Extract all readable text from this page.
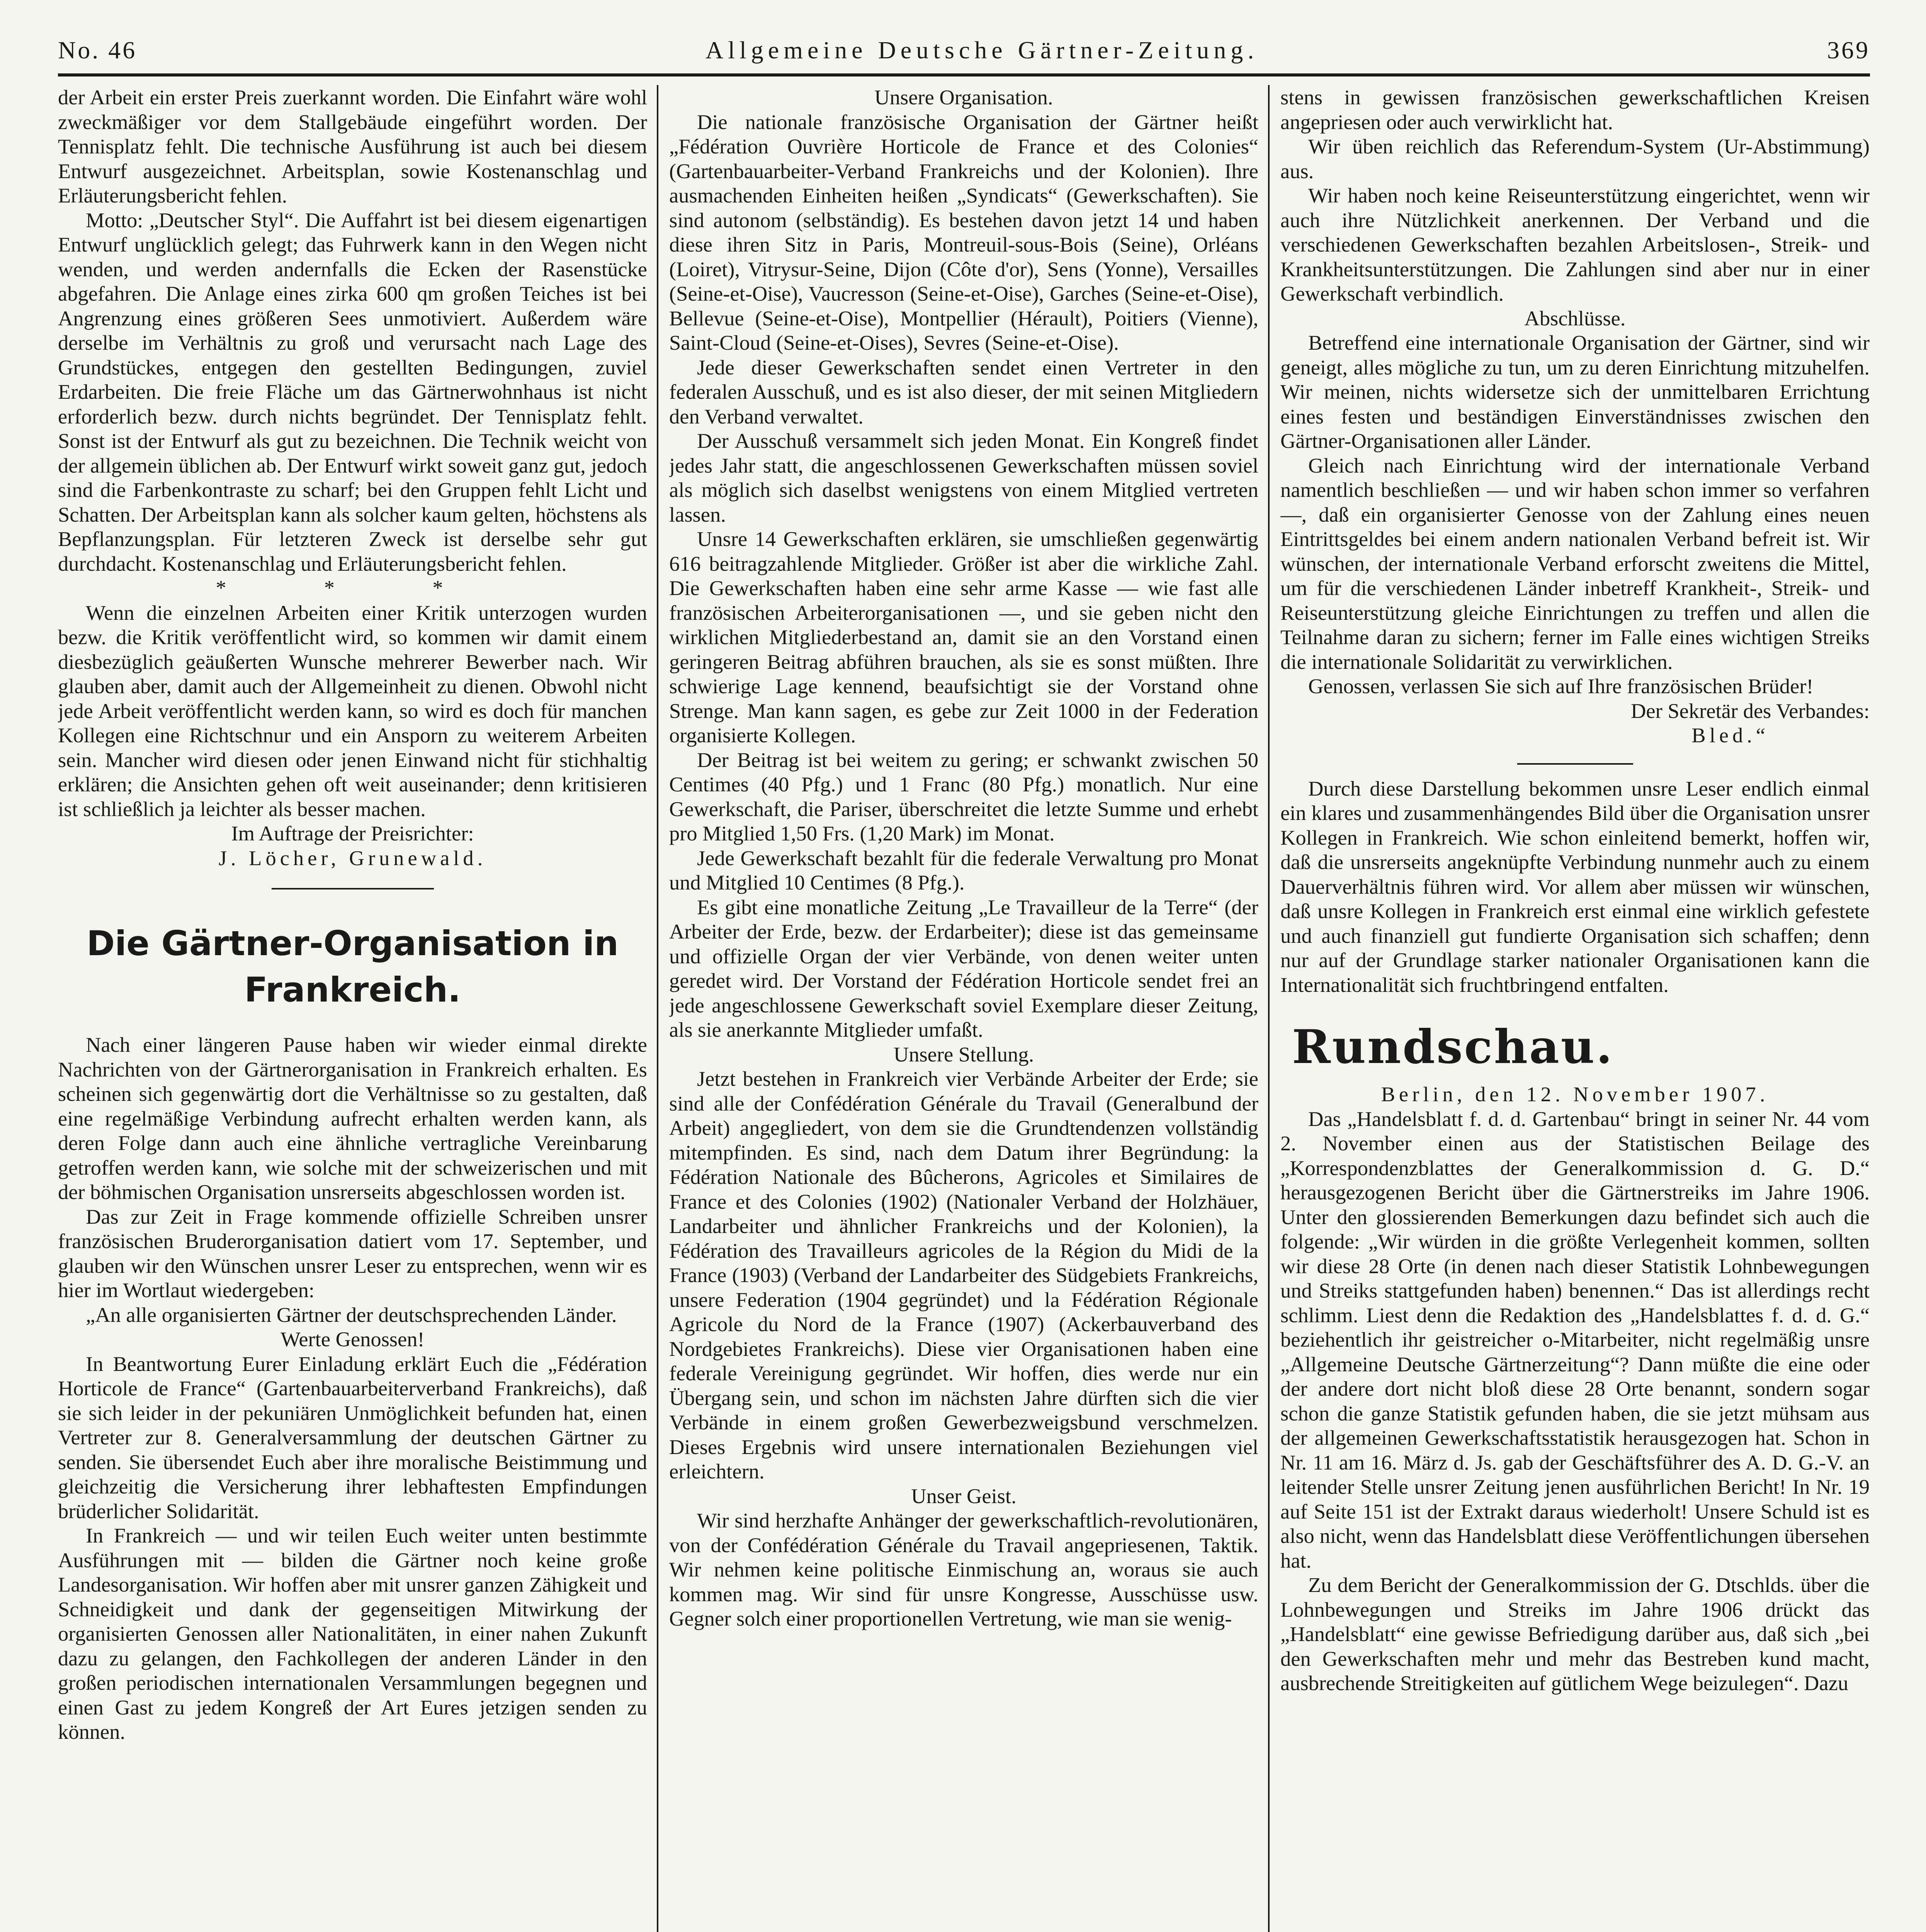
No. 46	Allgemeine Deutsche Gärtner-Zeitung.	369

der Arbeit ein erster Preis zuerkannt worden. Die Einfahrt wäre wohl zweckmäßiger vor dem Stallgebäude eingeführt worden. Der Tennisplatz fehlt. Die technische Ausführung ist auch bei diesem Entwurf ausgezeichnet. Arbeitsplan, sowie Kostenanschlag und Erläuterungsbericht fehlen.

Motto: „Deutscher Styl“. Die Auffahrt ist bei diesem eigenartigen Entwurf unglücklich gelegt; das Fuhrwerk kann in den Wegen nicht wenden, und werden andernfalls die Ecken der Rasenstücke abgefahren. Die Anlage eines zirka 600 qm großen Teiches ist bei Angrenzung eines größeren Sees unmotiviert. Außerdem wäre derselbe im Verhältnis zu groß und verursacht nach Lage des Grundstückes, entgegen den gestellten Bedingungen, zuviel Erdarbeiten. Die freie Fläche um das Gärtnerwohnhaus ist nicht erforderlich bezw. durch nichts begründet. Der Tennisplatz fehlt. Sonst ist der Entwurf als gut zu bezeichnen. Die Technik weicht von der allgemein üblichen ab. Der Entwurf wirkt soweit ganz gut, jedoch sind die Farbenkontraste zu scharf; bei den Gruppen fehlt Licht und Schatten. Der Arbeitsplan kann als solcher kaum gelten, höchstens als Bepflanzungsplan. Für letzteren Zweck ist derselbe sehr gut durchdacht. Kostenanschlag und Erläuterungsbericht fehlen.

* * *

Wenn die einzelnen Arbeiten einer Kritik unterzogen wurden bezw. die Kritik veröffentlicht wird, so kommen wir damit einem diesbezüglich geäußerten Wunsche mehrerer Bewerber nach. Wir glauben aber, damit auch der Allgemeinheit zu dienen. Obwohl nicht jede Arbeit veröffentlicht werden kann, so wird es doch für manchen Kollegen eine Richtschnur und ein Ansporn zu weiterem Arbeiten sein. Mancher wird diesen oder jenen Einwand nicht für stichhaltig erklären; die Ansichten gehen oft weit auseinander; denn kritisieren ist schließlich ja leichter als besser machen.

Im Auftrage der Preisrichter:

J. Löcher, Grunewald.

Die Gärtner-Organisation in Frankreich.

Nach einer längeren Pause haben wir wieder einmal direkte Nachrichten von der Gärtnerorganisation in Frankreich erhalten. Es scheinen sich gegenwärtig dort die Verhältnisse so zu gestalten, daß eine regelmäßige Verbindung aufrecht erhalten werden kann, als deren Folge dann auch eine ähnliche vertragliche Vereinbarung getroffen werden kann, wie solche mit der schweizerischen und mit der böhmischen Organisation unsrerseits abgeschlossen worden ist.

Das zur Zeit in Frage kommende offizielle Schreiben unsrer französischen Bruderorganisation datiert vom 17. September, und glauben wir den Wünschen unsrer Leser zu entsprechen, wenn wir es hier im Wortlaut wiedergeben:

„An alle organisierten Gärtner der deutschsprechenden Länder.

Werte Genossen!

In Beantwortung Eurer Einladung erklärt Euch die „Fédération Horticole de France“ (Gartenbauarbeiterverband Frankreichs), daß sie sich leider in der pekuniären Unmöglichkeit befunden hat, einen Vertreter zur 8. Generalversammlung der deutschen Gärtner zu senden. Sie übersendet Euch aber ihre moralische Beistimmung und gleichzeitig die Versicherung ihrer lebhaftesten Empfindungen brüderlicher Solidarität.

In Frankreich — und wir teilen Euch weiter unten bestimmte Ausführungen mit — bilden die Gärtner noch keine große Landesorganisation. Wir hoffen aber mit unsrer ganzen Zähigkeit und Schneidigkeit und dank der gegenseitigen Mitwirkung der organisierten Genossen aller Nationalitäten, in einer nahen Zukunft dazu zu gelangen, den Fachkollegen der anderen Länder in den großen periodischen internationalen Versammlungen begegnen und einen Gast zu jedem Kongreß der Art Eures jetzigen senden zu können.

Unsere Organisation.

Die nationale französische Organisation der Gärtner heißt „Fédération Ouvrière Horticole de France et des Colonies“ (Gartenbauarbeiter-Verband Frankreichs und der Kolonien). Ihre ausmachenden Einheiten heißen „Syndicats“ (Gewerkschaften). Sie sind autonom (selbständig). Es bestehen davon jetzt 14 und haben diese ihren Sitz in Paris, Montreuil-sous-Bois (Seine), Orléans (Loiret), Vitrysur-Seine, Dijon (Côte d'or), Sens (Yonne), Versailles (Seine-et-Oise), Vaucresson (Seine-et-Oise), Garches (Seine-et-Oise), Bellevue (Seine-et-Oise), Montpellier (Hérault), Poitiers (Vienne), Saint-Cloud (Seine-et-Oises), Sevres (Seine-et-Oise).

Jede dieser Gewerkschaften sendet einen Vertreter in den federalen Ausschuß, und es ist also dieser, der mit seinen Mitgliedern den Verband verwaltet.

Der Ausschuß versammelt sich jeden Monat. Ein Kongreß findet jedes Jahr statt, die angeschlossenen Gewerkschaften müssen soviel als möglich sich daselbst wenigstens von einem Mitglied vertreten lassen.

Unsre 14 Gewerkschaften erklären, sie umschließen gegenwärtig 616 beitragzahlende Mitglieder. Größer ist aber die wirkliche Zahl. Die Gewerkschaften haben eine sehr arme Kasse — wie fast alle französischen Arbeiterorganisationen —, und sie geben nicht den wirklichen Mitgliederbestand an, damit sie an den Vorstand einen geringeren Beitrag abführen brauchen, als sie es sonst müßten. Ihre schwierige Lage kennend, beaufsichtigt sie der Vorstand ohne Strenge. Man kann sagen, es gebe zur Zeit 1000 in der Federation organisierte Kollegen.

Der Beitrag ist bei weitem zu gering; er schwankt zwischen 50 Centimes (40 Pfg.) und 1 Franc (80 Pfg.) monatlich. Nur eine Gewerkschaft, die Pariser, überschreitet die letzte Summe und erhebt pro Mitglied 1,50 Frs. (1,20 Mark) im Monat.

Jede Gewerkschaft bezahlt für die federale Verwaltung pro Monat und Mitglied 10 Centimes (8 Pfg.).

Es gibt eine monatliche Zeitung „Le Travailleur de la Terre“ (der Arbeiter der Erde, bezw. der Erdarbeiter); diese ist das gemeinsame und offizielle Organ der vier Verbände, von denen weiter unten geredet wird. Der Vorstand der Fédération Horticole sendet frei an jede angeschlossene Gewerkschaft soviel Exemplare dieser Zeitung, als sie anerkannte Mitglieder umfaßt.

Unsere Stellung.

Jetzt bestehen in Frankreich vier Verbände Arbeiter der Erde; sie sind alle der Confédération Générale du Travail (Generalbund der Arbeit) angegliedert, von dem sie die Grundtendenzen vollständig mitempfinden. Es sind, nach dem Datum ihrer Begründung: la Fédération Nationale des Bûcherons, Agricoles et Similaires de France et des Colonies (1902) (Nationaler Verband der Holzhäuer, Landarbeiter und ähnlicher Frankreichs und der Kolonien), la Fédération des Travailleurs agricoles de la Région du Midi de la France (1903) (Verband der Landarbeiter des Südgebiets Frankreichs, unsere Federation (1904 gegründet) und la Fédération Régionale Agricole du Nord de la France (1907) (Ackerbauverband des Nordgebietes Frankreichs). Diese vier Organisationen haben eine federale Vereinigung gegründet. Wir hoffen, dies werde nur ein Übergang sein, und schon im nächsten Jahre dürften sich die vier Verbände in einem großen Gewerbezweigsbund verschmelzen. Dieses Ergebnis wird unsere internationalen Beziehungen viel erleichtern.

Unser Geist.

Wir sind herzhafte Anhänger der gewerkschaftlich-revolutionären, von der Confédération Générale du Travail angepriesenen, Taktik. Wir nehmen keine politische Einmischung an, woraus sie auch kommen mag. Wir sind für unsre Kongresse, Ausschüsse usw. Gegner solch einer proportionellen Vertretung, wie man sie wenig-

stens in gewissen französischen gewerkschaftlichen Kreisen angepriesen oder auch verwirklicht hat.

Wir üben reichlich das Referendum-System (Ur-Abstimmung) aus.

Wir haben noch keine Reiseunterstützung eingerichtet, wenn wir auch ihre Nützlichkeit anerkennen. Der Verband und die verschiedenen Gewerkschaften bezahlen Arbeitslosen-, Streik- und Krankheitsunterstützungen. Die Zahlungen sind aber nur in einer Gewerkschaft verbindlich.

Abschlüsse.

Betreffend eine internationale Organisation der Gärtner, sind wir geneigt, alles mögliche zu tun, um zu deren Einrichtung mitzuhelfen. Wir meinen, nichts widersetze sich der unmittelbaren Errichtung eines festen und beständigen Einverständnisses zwischen den Gärtner-Organisationen aller Länder.

Gleich nach Einrichtung wird der internationale Verband namentlich beschließen — und wir haben schon immer so verfahren —, daß ein organisierter Genosse von der Zahlung eines neuen Eintrittsgeldes bei einem andern nationalen Verband befreit ist. Wir wünschen, der internationale Verband erforscht zweitens die Mittel, um für die verschiedenen Länder inbetreff Krankheit-, Streik- und Reiseunterstützung gleiche Einrichtungen zu treffen und allen die Teilnahme daran zu sichern; ferner im Falle eines wichtigen Streiks die internationale Solidarität zu verwirklichen.

Genossen, verlassen Sie sich auf Ihre französischen Brüder!

Der Sekretär des Verbandes:

Bled.“

Durch diese Darstellung bekommen unsre Leser endlich einmal ein klares und zusammenhängendes Bild über die Organisation unsrer Kollegen in Frankreich. Wie schon einleitend bemerkt, hoffen wir, daß die unsrerseits angeknüpfte Verbindung nunmehr auch zu einem Dauerverhältnis führen wird. Vor allem aber müssen wir wünschen, daß unsre Kollegen in Frankreich erst einmal eine wirklich gefestete und auch finanziell gut fundierte Organisation sich schaffen; denn nur auf der Grundlage starker nationaler Organisationen kann die Internationalität sich fruchtbringend entfalten.

Rundschau.

Berlin, den 12. November 1907.

Das „Handelsblatt f. d. d. Gartenbau“ bringt in seiner Nr. 44 vom 2. November einen aus der Statistischen Beilage des „Korrespondenzblattes der Generalkommission d. G. D.“ herausgezogenen Bericht über die Gärtnerstreiks im Jahre 1906. Unter den glossierenden Bemerkungen dazu befindet sich auch die folgende: „Wir würden in die größte Verlegenheit kommen, sollten wir diese 28 Orte (in denen nach dieser Statistik Lohnbewegungen und Streiks stattgefunden haben) benennen.“ Das ist allerdings recht schlimm. Liest denn die Redaktion des „Handelsblattes f. d. d. G.“ beziehentlich ihr geistreicher o-Mitarbeiter, nicht regelmäßig unsre „Allgemeine Deutsche Gärtnerzeitung“? Dann müßte die eine oder der andere dort nicht bloß diese 28 Orte benannt, sondern sogar schon die ganze Statistik gefunden haben, die sie jetzt mühsam aus der allgemeinen Gewerkschaftsstatistik herausgezogen hat. Schon in Nr. 11 am 16. März d. Js. gab der Geschäftsführer des A. D. G.-V. an leitender Stelle unsrer Zeitung jenen ausführlichen Bericht! In Nr. 19 auf Seite 151 ist der Extrakt daraus wiederholt! Unsere Schuld ist es also nicht, wenn das Handelsblatt diese Veröffentlichungen übersehen hat.

Zu dem Bericht der Generalkommission der G. Dtschlds. über die Lohnbewegungen und Streiks im Jahre 1906 drückt das „Handelsblatt“ eine gewisse Befriedigung darüber aus, daß sich „bei den Gewerkschaften mehr und mehr das Bestreben kund macht, ausbrechende Streitigkeiten auf gütlichem Wege beizulegen“. Dazu
